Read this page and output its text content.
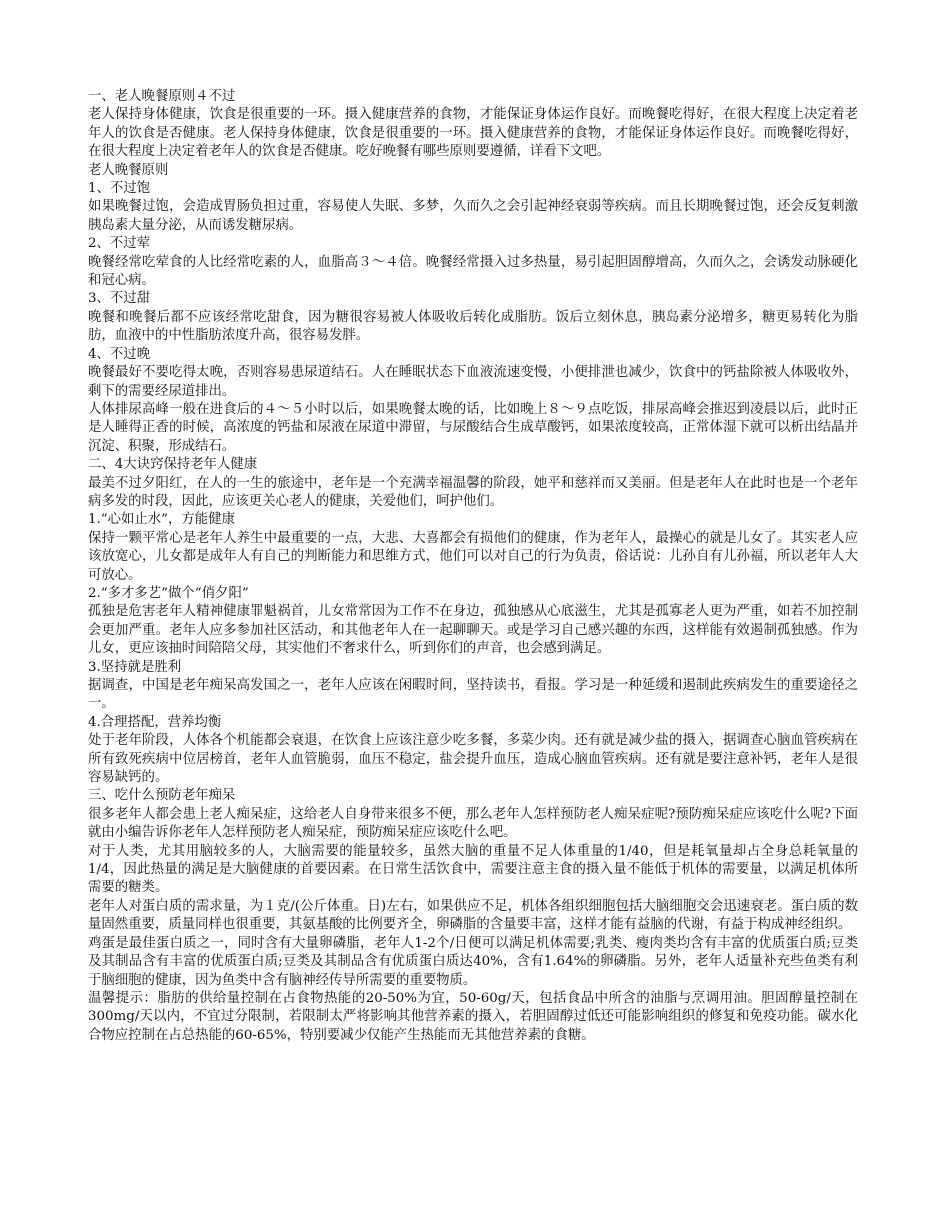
一、老人晚餐原则４不过

老人保持身体健康，饮食是很重要的一环。摄入健康营养的食物，才能保证身体运作良好。而晚餐吃得好，在很大程度上决定着老年人的饮食是否健康。老人保持身体健康，饮食是很重要的一环。摄入健康营养的食物，才能保证身体运作良好。而晚餐吃得好，在很大程度上决定着老年人的饮食是否健康。吃好晚餐有哪些原则要遵循，详看下文吧。

老人晚餐原则

1、不过饱

如果晚餐过饱，会造成胃肠负担过重，容易使人失眠、多梦，久而久之会引起神经衰弱等疾病。而且长期晚餐过饱，还会反复刺激胰岛素大量分泌，从而诱发糖尿病。

2、不过荤

晚餐经常吃荤食的人比经常吃素的人，血脂高３～４倍。晚餐经常摄入过多热量，易引起胆固醇增高，久而久之，会诱发动脉硬化和冠心病。

3、不过甜

晚餐和晚餐后都不应该经常吃甜食，因为糖很容易被人体吸收后转化成脂肪。饭后立刻休息，胰岛素分泌增多，糖更易转化为脂肪，血液中的中性脂肪浓度升高，很容易发胖。

4、不过晚

晚餐最好不要吃得太晚，否则容易患尿道结石。人在睡眠状态下血液流速变慢，小便排泄也减少，饮食中的钙盐除被人体吸收外，剩下的需要经尿道排出。

人体排尿高峰一般在进食后的４～５小时以后，如果晚餐太晚的话，比如晚上８～９点吃饭，排尿高峰会推迟到凌晨以后，此时正是人睡得正香的时候，高浓度的钙盐和尿液在尿道中滞留，与尿酸结合生成草酸钙，如果浓度较高，正常体湿下就可以析出结晶并沉淀、积聚，形成结石。

二、4大诀窍保持老年人健康

最美不过夕阳红，在人的一生的旅途中，老年是一个充满幸福温馨的阶段，她平和慈祥而又美丽。但是老年人在此时也是一个老年病多发的时段，因此，应该更关心老人的健康，关爱他们，呵护他们。

1.“心如止水”，方能健康

保持一颗平常心是老年人养生中最重要的一点，大悲、大喜都会有损他们的健康，作为老年人，最操心的就是儿女了。其实老人应该放宽心，儿女都是成年人有自己的判断能力和思维方式，他们可以对自己的行为负责，俗话说：儿孙自有儿孙福，所以老年人大可放心。

2.“多才多艺”做个“俏夕阳”

孤独是危害老年人精神健康罪魁祸首，儿女常常因为工作不在身边，孤独感从心底滋生，尤其是孤寡老人更为严重，如若不加控制会更加严重。老年人应多参加社区活动，和其他老年人在一起聊聊天。或是学习自己感兴趣的东西，这样能有效遏制孤独感。作为儿女，更应该抽时间陪陪父母，其实他们不奢求什么，听到你们的声音，也会感到满足。

3.坚持就是胜利

据调查，中国是老年痴呆高发国之一，老年人应该在闲暇时间，坚持读书，看报。学习是一种延缓和遏制此疾病发生的重要途径之一。

4.合理搭配，营养均衡

处于老年阶段，人体各个机能都会衰退，在饮食上应该注意少吃多餐，多菜少肉。还有就是减少盐的摄入，据调查心脑血管疾病在所有致死疾病中位居榜首，老年人血管脆弱，血压不稳定，盐会提升血压，造成心脑血管疾病。还有就是要注意补钙，老年人是很容易缺钙的。

三、吃什么预防老年痴呆

很多老年人都会患上老人痴呆症，这给老人自身带来很多不便，那么老年人怎样预防老人痴呆症呢?预防痴呆症应该吃什么呢?下面就由小编告诉你老年人怎样预防老人痴呆症，预防痴呆症应该吃什么吧。

对于人类，尤其用脑较多的人，大脑需要的能量较多，虽然大脑的重量不足人体重量的1/40，但是耗氧量却占全身总耗氧量的1/4，因此热量的满足是大脑健康的首要因素。在日常生活饮食中，需要注意主食的摄入量不能低于机体的需要量，以满足机体所需要的糖类。

老年人对蛋白质的需求量，为１克/(公斤体重。日)左右，如果供应不足，机体各组织细胞包括大脑细胞交会迅速衰老。蛋白质的数量固然重要，质量同样也很重要，其氨基酸的比例要齐全，卵磷脂的含量要丰富，这样才能有益脑的代谢，有益于构成神经组织。

鸡蛋是最佳蛋白质之一，同时含有大量卵磷脂，老年人1-2个/日便可以满足机体需要;乳类、瘦肉类均含有丰富的优质蛋白质;豆类及其制品含有丰富的优质蛋白质;豆类及其制品含有优质蛋白质达40%，含有1.64%的卵磷脂。另外，老年人适量补充些鱼类有利于脑细胞的健康，因为鱼类中含有脑神经传导所需要的重要物质。

温馨提示：脂肪的供给量控制在占食物热能的20-50%为宜，50-60g/天，包括食品中所含的油脂与烹调用油。胆固醇量控制在300mg/天以内，不宜过分限制，若限制太严将影响其他营养素的摄入，若胆固醇过低还可能影响组织的修复和免疫功能。碳水化合物应控制在占总热能的60-65%，特别要减少仅能产生热能而无其他营养素的食糖。
